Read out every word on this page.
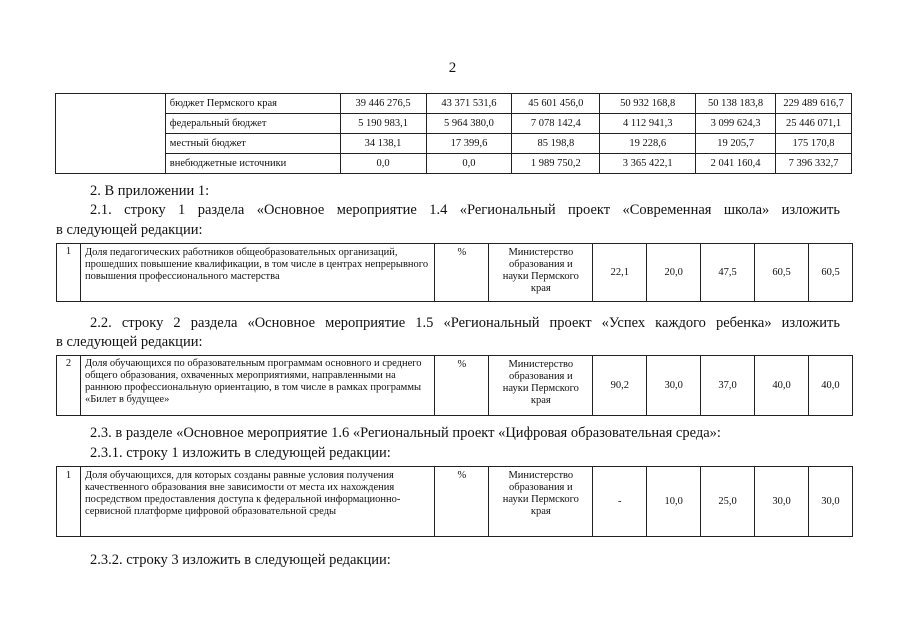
2
	бюджет Пермского края	39 446 276,5	43 371 531,6	45 601 456,0	50 932 168,8	50 138 183,8	229 489 616,7
	федеральный бюджет	5 190 983,1	5 964 380,0	7 078 142,4	4 112 941,3	3 099 624,3	25 446 071,1
	местный бюджет	34 138,1	17 399,6	85 198,8	19 228,6	19 205,7	175 170,8
	внебюджетные источники	0,0	0,0	1 989 750,2	3 365 422,1	2 041 160,4	7 396 332,7
2. В приложении 1:
2.1. строку 1 раздела «Основное мероприятие 1.4 «Региональный проект «Современная школа» изложить
в следующей редакции:
1	Доля педагогических работников общеобразовательных организаций, прошедших повышение квалификации, в том числе в центрах непрерывного повышения профессионального мастерства	%	Министерство образования и науки Пермского края	22,1	20,0	47,5	60,5	60,5
2.2. строку 2 раздела «Основное мероприятие 1.5 «Региональный проект «Успех каждого ребенка» изложить
в следующей редакции:
2	Доля обучающихся по образовательным программам основного и среднего общего образования, охваченных мероприятиями, направленными на раннюю профессиональную ориентацию, в том числе в рамках программы «Билет в будущее»	%	Министерство образования и науки Пермского края	90,2	30,0	37,0	40,0	40,0
2.3. в разделе «Основное мероприятие 1.6 «Региональный проект «Цифровая образовательная среда»:
2.3.1. строку 1 изложить в следующей редакции:
1	Доля обучающихся, для которых созданы равные условия получения качественного образования вне зависимости от места их нахождения посредством предоставления доступа к федеральной информационно-сервисной платформе цифровой образовательной среды	%	Министерство образования и науки Пермского края	-	10,0	25,0	30,0	30,0
2.3.2. строку 3 изложить в следующей редакции:
